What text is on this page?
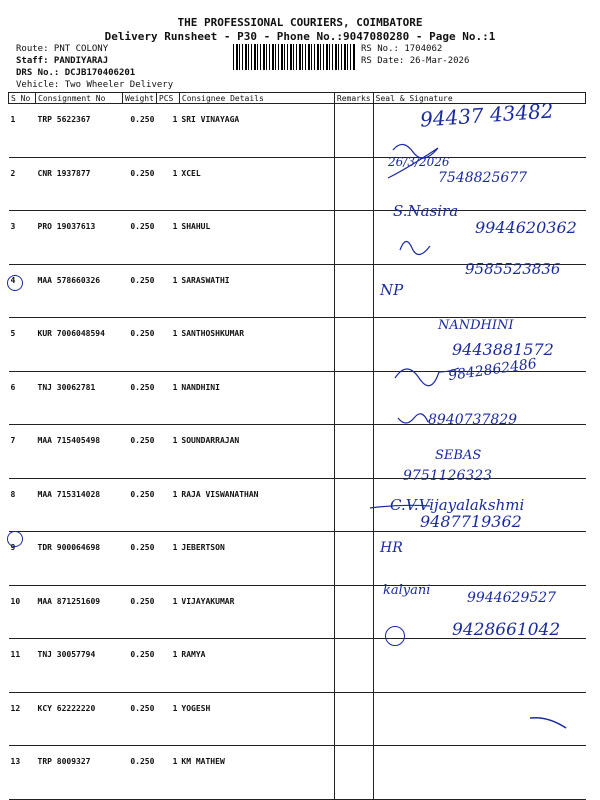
THE PROFESSIONAL COURIERS, COIMBATORE
Delivery Runsheet - P30 - Phone No.:9047080280 - Page No.:1
Route: PNT COLONY
Staff: PANDIYARAJ
DRS No.: DCJB170406201
Vehicle: Two Wheeler Delivery
RS No.: 1704062
RS Date: 26-Mar-2026
S No	Consignment No	Weight	PCS	Consignee Details	Remarks	Seal & Signature
1	TRP 5622367	0.250	1	SRI VINAYAGA		
2	CNR 1937877	0.250	1	XCEL		
3	PRO 19037613	0.250	1	SHAHUL		
4	MAA 578660326	0.250	1	SARASWATHI		
5	KUR 7006048594	0.250	1	SANTHOSHKUMAR		
6	TNJ 30062781	0.250	1	NANDHINI		
7	MAA 715405498	0.250	1	SOUNDARRAJAN		
8	MAA 715314028	0.250	1	RAJA VISWANATHAN		
9	TDR 900064698	0.250	1	JEBERTSON		
10	MAA 871251609	0.250	1	VIJAYAKUMAR		
11	TNJ 30057794	0.250	1	RAMYA		
12	KCY 62222220	0.250	1	YOGESH		
13	TRP 8009327	0.250	1	KM MATHEW		
94437 43482
26/3/2026
7548825677
S.Nasira
9944620362
9585523836
NP
NANDHINI
9443881572
9842862486
8940737829
SEBAS
9751126323
C.V.Vijayalakshmi
9487719362
HR
kalyani	9944629527
9428661042
